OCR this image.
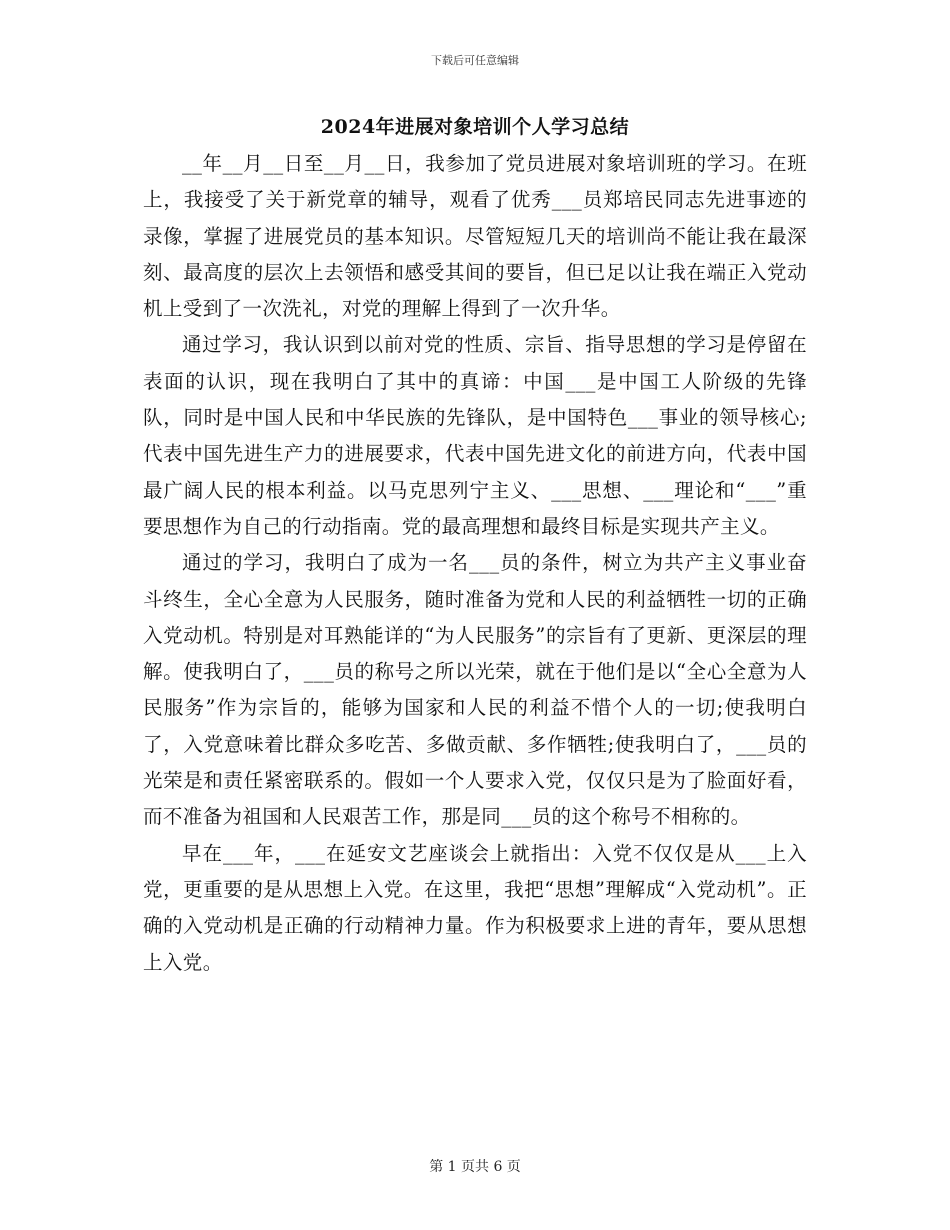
下载后可任意编辑
2024年进展对象培训个人学习总结

__年__月__日至__月__日，我参加了党员进展对象培训班的学习。在班上，我接受了关于新党章的辅导，观看了优秀___员郑培民同志先进事迹的录像，掌握了进展党员的基本知识。尽管短短几天的培训尚不能让我在最深刻、最高度的层次上去领悟和感受其间的要旨，但已足以让我在端正入党动机上受到了一次洗礼，对党的理解上得到了一次升华。

通过学习，我认识到以前对党的性质、宗旨、指导思想的学习是停留在表面的认识，现在我明白了其中的真谛：中国___是中国工人阶级的先锋队，同时是中国人民和中华民族的先锋队，是中国特色___事业的领导核心;代表中国先进生产力的进展要求，代表中国先进文化的前进方向，代表中国最广阔人民的根本利益。以马克思列宁主义、___思想、___理论和“___”重要思想作为自己的行动指南。党的最高理想和最终目标是实现共产主义。

通过的学习，我明白了成为一名___员的条件，树立为共产主义事业奋斗终生，全心全意为人民服务，随时准备为党和人民的利益牺牲一切的正确入党动机。特别是对耳熟能详的“为人民服务”的宗旨有了更新、更深层的理解。使我明白了，___员的称号之所以光荣，就在于他们是以“全心全意为人民服务”作为宗旨的，能够为国家和人民的利益不惜个人的一切;使我明白了，入党意味着比群众多吃苦、多做贡献、多作牺牲;使我明白了，___员的光荣是和责任紧密联系的。假如一个人要求入党，仅仅只是为了脸面好看，而不准备为祖国和人民艰苦工作，那是同___员的这个称号不相称的。

早在___年，___在延安文艺座谈会上就指出：入党不仅仅是从___上入党，更重要的是从思想上入党。在这里，我把“思想”理解成“入党动机”。正确的入党动机是正确的行动精神力量。作为积极要求上进的青年，要从思想上入党。

第 1 页共 6 页
